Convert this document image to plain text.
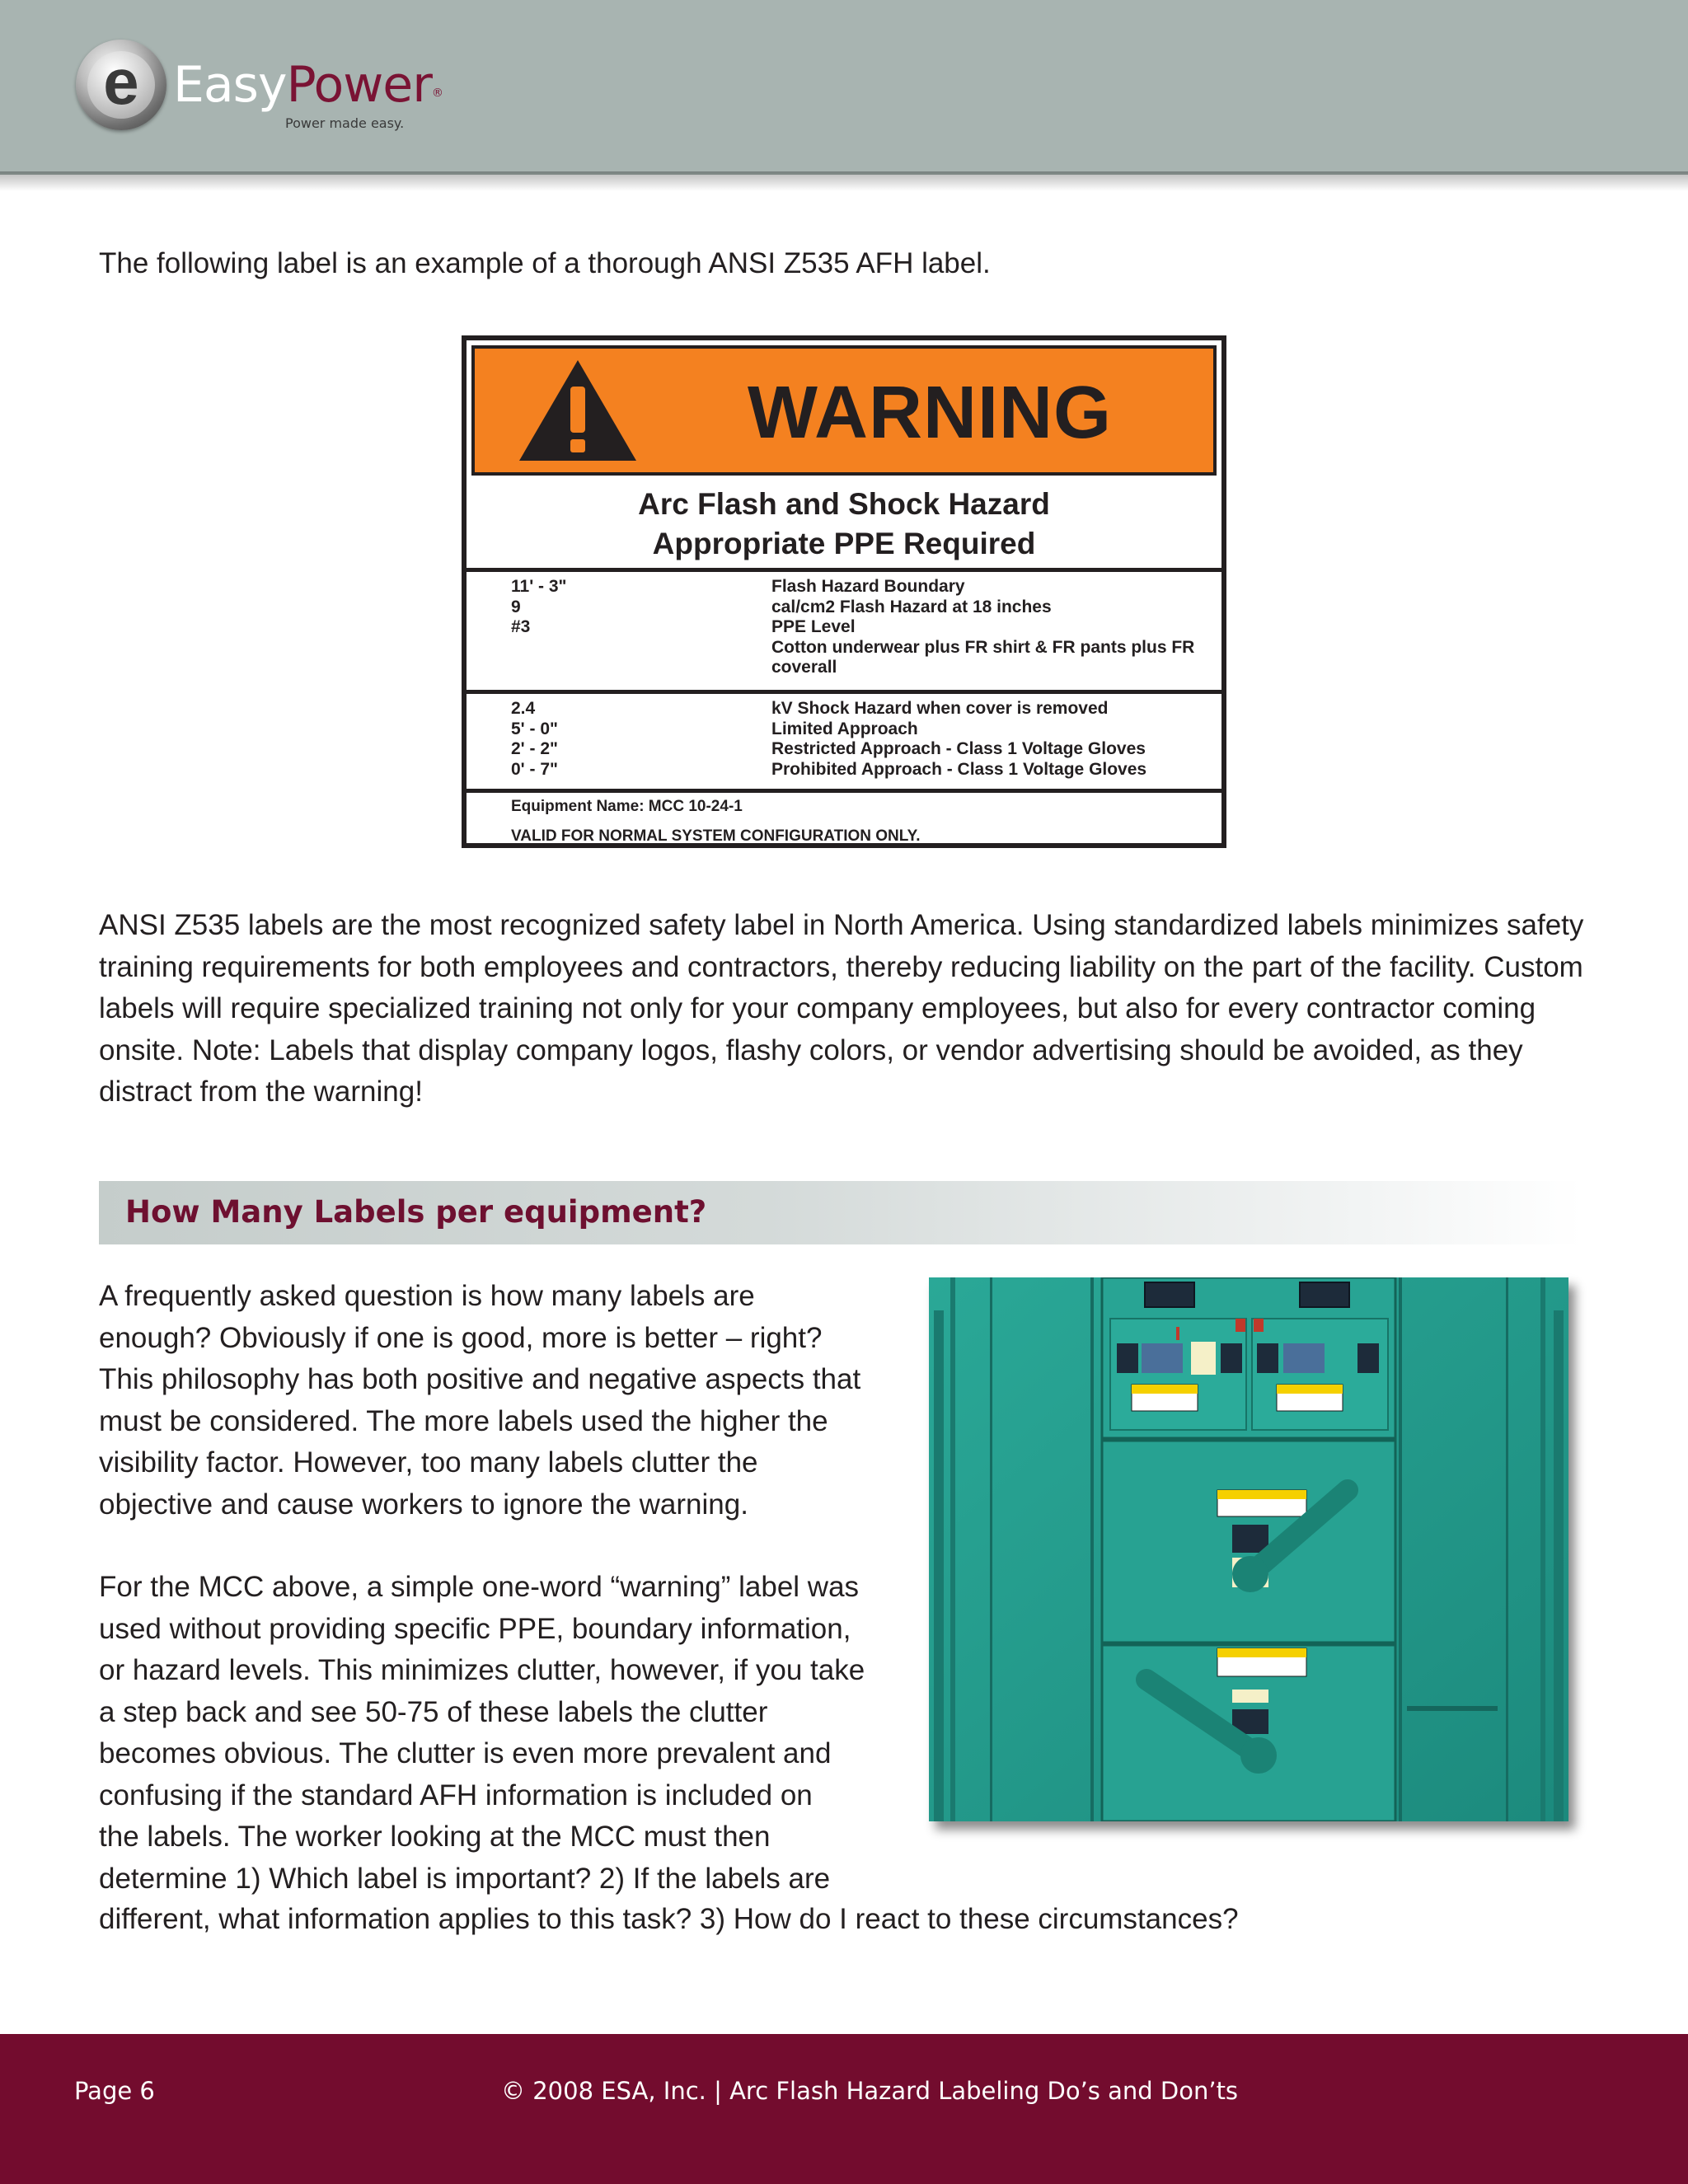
e EasyPower®
Power made easy.
The following label is an example of a thorough ANSI Z535 AFH label.
WARNING
Arc Flash and Shock Hazard
Appropriate PPE Required
11' - 3"
9
#3
Flash Hazard Boundary
cal/cm2 Flash Hazard at 18 inches
PPE Level
Cotton underwear plus FR shirt & FR pants plus FR
coverall
2.4
5' - 0"
2' - 2"
0' - 7"
kV Shock Hazard when cover is removed
Limited Approach
Restricted Approach - Class 1 Voltage Gloves
Prohibited Approach - Class 1 Voltage Gloves
Equipment Name: MCC 10-24-1
VALID FOR NORMAL SYSTEM CONFIGURATION ONLY.
ANSI Z535 labels are the most recognized safety label in North America. Using standardized labels minimizes safety training requirements for both employees and contractors, thereby reducing liability on the part of the facility. Custom labels will require specialized training not only for your company employees, but also for every contractor coming onsite. Note: Labels that display company logos, flashy colors, or vendor advertising should be avoided, as they distract from the warning!
How Many Labels per equipment?
A frequently asked question is how many labels are
enough? Obviously if one is good, more is better – right?
This philosophy has both positive and negative aspects that
must be considered. The more labels used the higher the
visibility factor. However, too many labels clutter the
objective and cause workers to ignore the warning.
For the MCC above, a simple one-word “warning” label was
used without providing specific PPE, boundary information,
or hazard levels. This minimizes clutter, however, if you take
a step back and see 50-75 of these labels the clutter
becomes obvious. The clutter is even more prevalent and
confusing if the standard AFH information is included on
the labels. The worker looking at the MCC must then
determine 1) Which label is important? 2) If the labels are
different, what information applies to this task? 3) How do I react to these circumstances?
Page 6	© 2008 ESA, Inc. | Arc Flash Hazard Labeling Do’s and Don’ts
